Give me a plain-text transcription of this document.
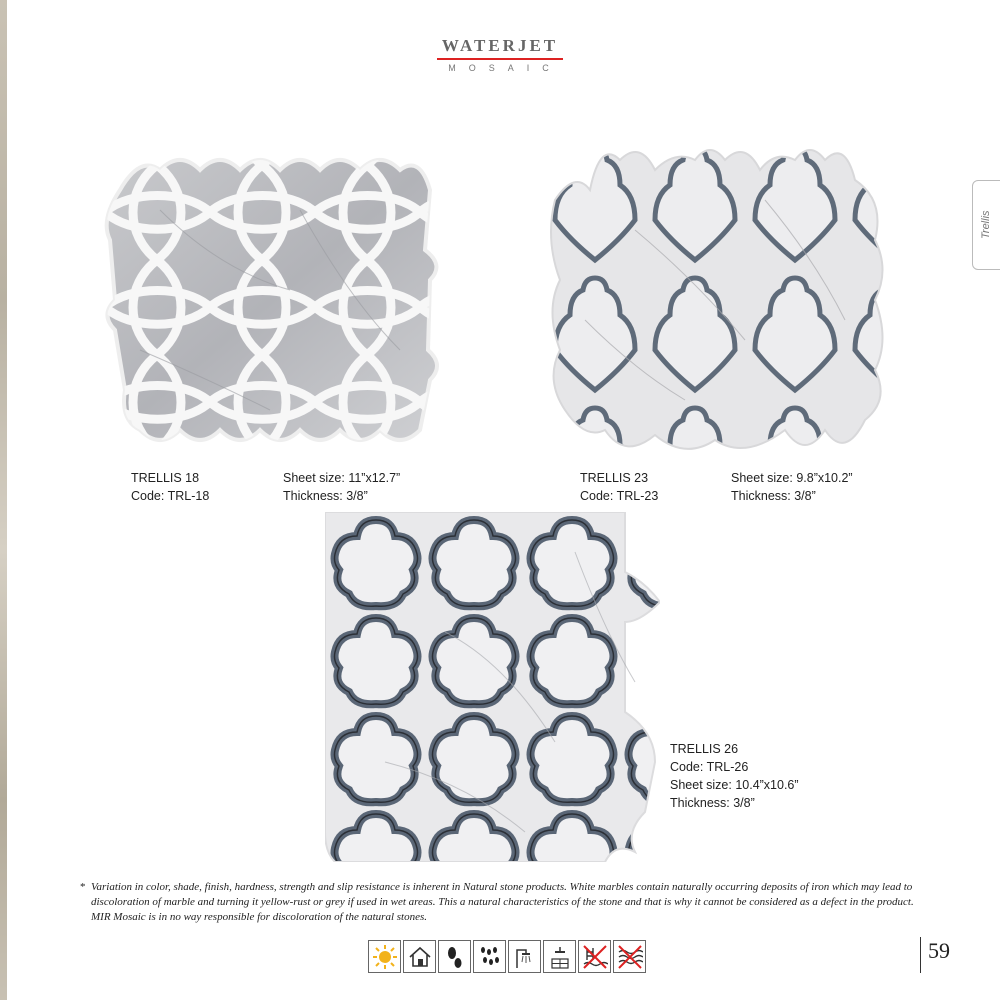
WATERJET
MOSAIC
Trellis
TRELLIS 18
Code: TRL-18
Sheet size: 11”x12.7”
Thickness: 3/8”
TRELLIS 23
Code: TRL-23
Sheet size: 9.8”x10.2”
Thickness: 3/8”
TRELLIS 26
Code: TRL-26
Sheet size: 10.4”x10.6”
Thickness: 3/8”
* Variation in color, shade, finish, hardness, strength and slip resistance is inherent in Natural stone products. White marbles contain naturally occurring deposits of iron which may lead to discoloration of marble and turning it yellow-rust or grey if used in wet areas. This a natural characteristics of the stone and that is why it cannot be considered as a defect in the product. MIR Mosaic is in no way responsible for discoloration of the natural stones.
59
